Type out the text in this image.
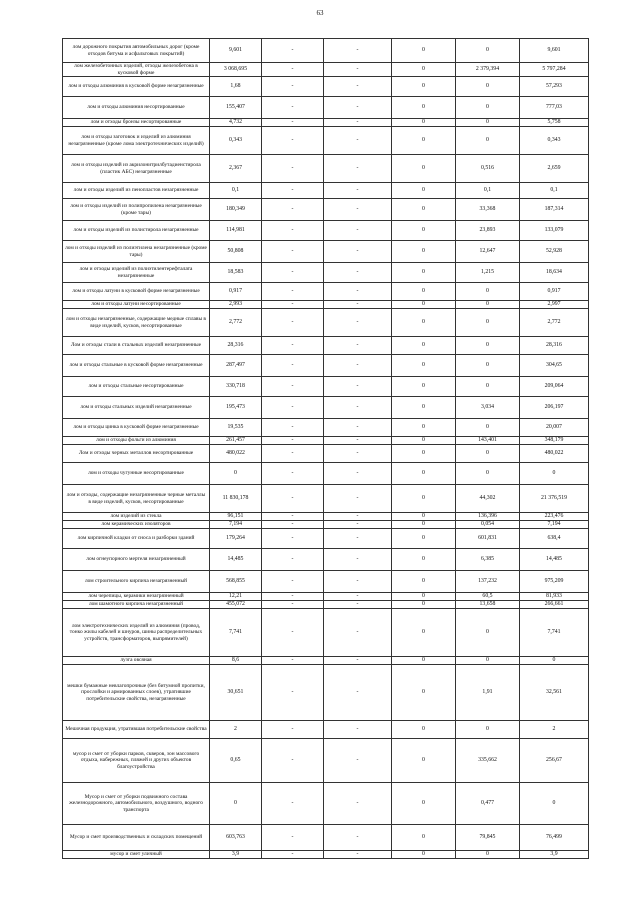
63
лом дорожного покрытия автомобильных дорог (кроме отходов битума и асфальтовых покрытий)	9,601	-	-	0	0	9,601	
лом железобетонных изделий, отходы железобетона в кусковой форме	3 068,695	-	-	0	2 379,394	5 797,284	
лом и отходы алюминия в кусковой форме незагрязненные	1,68	-	-	0	0	57,293	
лом и отходы алюминия несортированные	155,407	-	-	0	0	777,03	
лом и отходы бронзы несортированные	4,732	-	-	0	0	5,758	
лом и отходы заготовок и изделий из алюминия незагрязненные (кроме лома электротехнических изделий)	0,343	-	-	0	0	0,343	
лом и отходы изделий из акрилонитрилбутадиенстирола (пластик АБС) незагрязненные	2,367	-	-	0	0,516	2,659	
лом и отходы изделий из пенопластов незагрязненные	0,1	-	-	0	0,1	0,1	
лом и отходы изделий из полипропилена незагрязненные (кроме тары)	180,349	-	-	0	33,368	187,314	
лом и отходы изделий из полистирола незагрязненные	114,981	-	-	0	23,893	133,079	
лом и отходы изделий из полиэтилена незагрязненные (кроме тары)	50,808	-	-	0	12,647	52,928	
лом и отходы изделий из полиэтилентерефталата незагрязненные	18,583	-	-	0	1,215	18,634	
лом и отходы латуни в кусковой форме незагрязненные	0,917	-	-	0	0	0,917	
лом и отходы латуни несортированные	2,993	-	-	0	0	2,997	
лом и отходы незагрязненные, содержащие медные сплавы в виде изделий, кусков, несортированные	2,772	-	-	0	0	2,772	
Лом и отходы стали в стальных изделий незагрязненные	28,316	-	-	0	0	28,316	
лом и отходы стальные в кусковой форме незагрязненные	287,497	-	-	0	0	304,65	
лом и отходы стальные несортированные	330,718	-	-	0	0	209,064	
лом и отходы стальных изделий незагрязненные	195,473	-	-	0	3,034	206,197	
лом и отходы цинка в кусковой форме незагрязненные	19,535	-	-	0	0	20,007	
лом и отходы фольги из алюминия	261,457	-	-	0	143,401	348,179	
Лом и отходы черных металлов несортированные	480,022	-	-	0	0	480,022	
лом и отходы чугунные несортированные	0	-	-	0	0	0	
лом и отходы, содержащие незагрязненные черные металлы в виде изделий, кусков, несортированные	11 830,178	-	-	0	44,302	21 376,519	
лом изделий из стекла	96,151	-	-	0	136,396	223,476	
лом керамических изоляторов	7,194	-	-	0	0,054	7,194	
лом кирпичной кладки от сноса и разборки зданий	179,264	-	-	0	601,831	638,4	
лом огнеупорного мертеля незагрязненный	14,485	-	-	0	6,385	14,485	
лом строительного кирпича незагрязненный	568,855	-	-	0	137,232	975,209	
лом черепицы, керамики незагрязненный	12,21	-	-	0	60,5	81,933	
лом шамотного кирпича незагрязненный	455,072	-	-	0	13,658	266,661	
лом электротехнических изделий из алюминия (провод, тонко жилы кабелей и шнуров, шины распределительных устройств, трансформаторов, выпрямителей)	7,741	-	-	0	0	7,741	
лузга овсяная	8,6	-	-	0	0	0	
мешки бумажные невлагопрочные (без битумной пропитки, прослойки и армированных слоев), утратившие потребительские свойства, незагрязненные	30,651	-	-	0	1,91	32,561	
Мешочная продукция, утратившая потребительские свойства	2	-	-	0	0	2	
мусор и смет от уборки парков, скверов, зон массового отдыха, набережных, пляжей и других объектов благоустройства	0,65	-	-	0	335,662	256,67	
Мусор и смет от уборки подвижного состава железнодорожного, автомобильного, воздушного, водного транспорта	0	-	-	0	0,477	0	
Мусор и смет производственных и складских помещений	603,763	-	-	0	79,845	76,499	
мусор и смет уличный	3,9	-	-	0	0	3,9	
